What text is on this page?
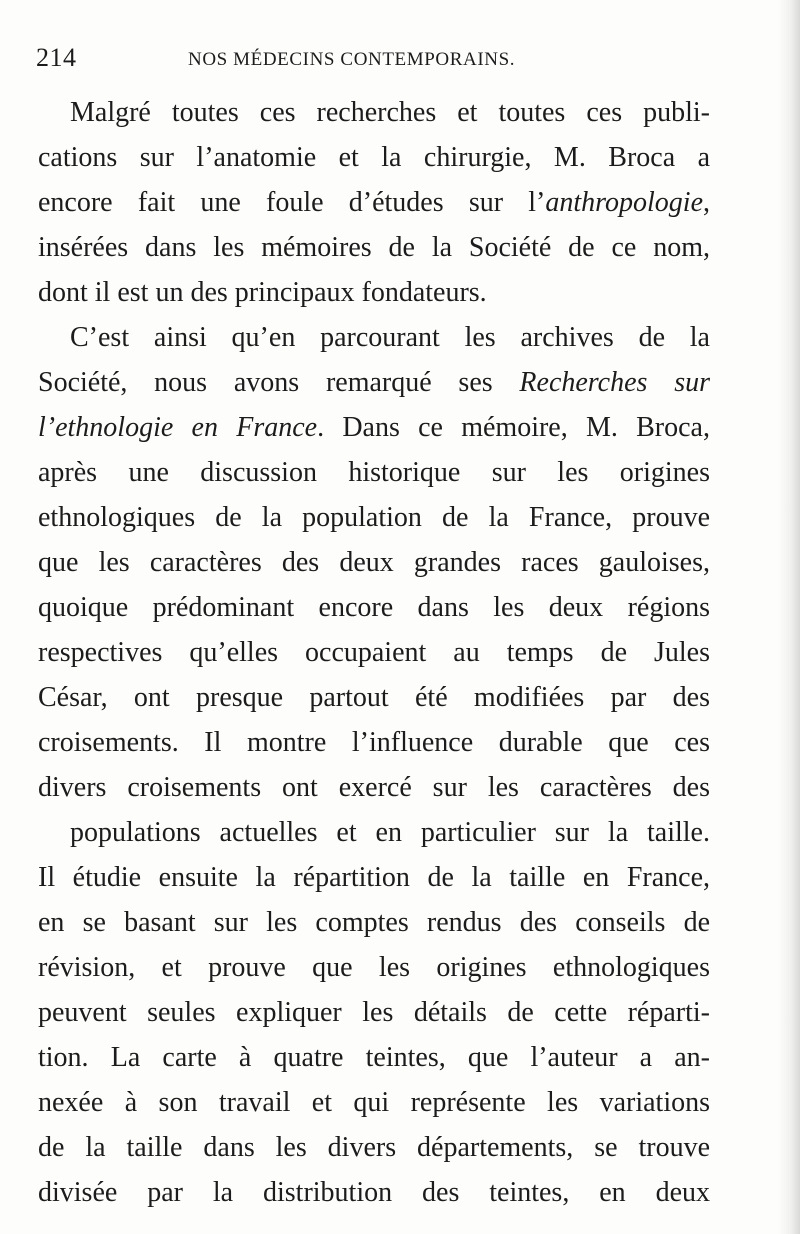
214	NOS MÉDECINS CONTEMPORAINS.
Malgré toutes ces recherches et toutes ces publi-
cations sur l’anatomie et la chirurgie, M. Broca a
encore fait une foule d’études sur l’anthropologie,
insérées dans les mémoires de la Société de ce nom,
dont il est un des principaux fondateurs.
C’est ainsi qu’en parcourant les archives de la
Société, nous avons remarqué ses Recherches sur
l’ethnologie en France. Dans ce mémoire, M. Broca,
après une discussion historique sur les origines
ethnologiques de la population de la France, prouve
que les caractères des deux grandes races gauloises,
quoique prédominant encore dans les deux régions
respectives qu’elles occupaient au temps de Jules
César, ont presque partout été modifiées par des
croisements. Il montre l’influence durable que ces
divers croisements ont exercé sur les caractères des
populations actuelles et en particulier sur la taille.
Il étudie ensuite la répartition de la taille en France,
en se basant sur les comptes rendus des conseils de
révision, et prouve que les origines ethnologiques
peuvent seules expliquer les détails de cette réparti-
tion. La carte à quatre teintes, que l’auteur a an-
nexée à son travail et qui représente les variations
de la taille dans les divers départements, se trouve
divisée par la distribution des teintes, en deux
